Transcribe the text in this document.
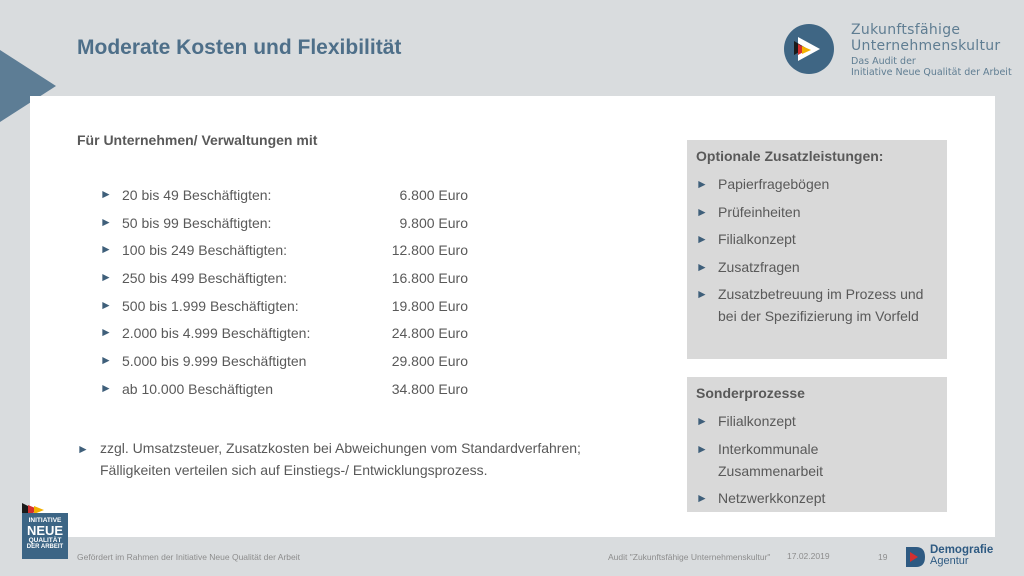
Moderate Kosten und Flexibilität
Zukunftsfähige
Unternehmenskultur
Das Audit der
Initiative Neue Qualität der Arbeit
Für Unternehmen/ Verwaltungen mit
► 20 bis 49 Beschäftigten:	6.800 Euro
► 50 bis 99 Beschäftigten:	9.800 Euro
► 100 bis 249 Beschäftigten:	12.800 Euro
► 250 bis 499 Beschäftigten:	16.800 Euro
► 500 bis 1.999 Beschäftigten:	19.800 Euro
► 2.000 bis 4.999 Beschäftigten:	24.800 Euro
► 5.000 bis 9.999 Beschäftigten	29.800 Euro
► ab 10.000 Beschäftigten	34.800 Euro
► zzgl. Umsatzsteuer, Zusatzkosten bei Abweichungen vom Standardverfahren; Fälligkeiten verteilen sich auf Einstiegs-/ Entwicklungsprozess.
Optionale Zusatzleistungen:
► Papierfragebögen
► Prüfeinheiten
► Filialkonzept
► Zusatzfragen
► Zusatzbetreuung im Prozess und bei der Spezifizierung im Vorfeld
Sonderprozesse
► Filialkonzept
► Interkommunale Zusammenarbeit
► Netzwerkkonzept
INITIATIVE
NEUE
QUALITÄT
DER ARBEIT
Gefördert im Rahmen der Initiative Neue Qualität der Arbeit	Audit "Zukunftsfähige Unternehmenskultur" 17.02.2019	19
Demografie
Agentur
